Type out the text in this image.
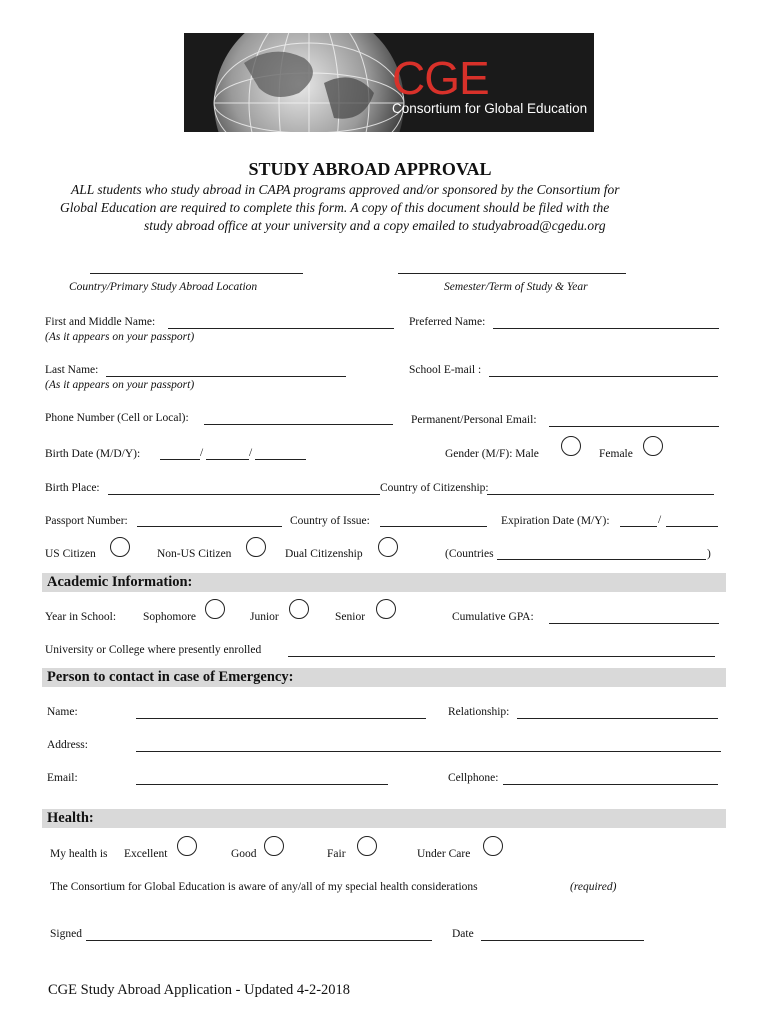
CGE
Consortium for Global Education
STUDY ABROAD APPROVAL
ALL students who study abroad in CAPA programs approved and/or sponsored by the Consortium for
Global Education are required to complete this form. A copy of this document should be filed with the
study abroad office at your university and a copy emailed to studyabroad@cgedu.org
Country/Primary Study Abroad Location	Semester/Term of Study & Year
First and Middle Name:	Preferred Name:
(As it appears on your passport)
Last Name:	School E-mail :
(As it appears on your passport)
Phone Number (Cell or Local):	Permanent/Personal Email:
Birth Date (M/D/Y):	/	/	Gender (M/F): Male	Female
Birth Place:	Country of Citizenship:
Passport Number:	Country of Issue:	Expiration Date (M/Y):	/
US Citizen	Non-US Citizen	Dual Citizenship	(Countries	)
Academic Information:
Year in School: Sophomore	Junior	Senior	Cumulative GPA:
University or College where presently enrolled
Person to contact in case of Emergency:
Name:	Relationship:
Address:
Email:	Cellphone:
Health:
My health is Excellent	Good	Fair	Under Care
The Consortium for Global Education is aware of any/all of my special health considerations	(required)
Signed	Date
CGE Study Abroad Application - Updated 4-2-2018
